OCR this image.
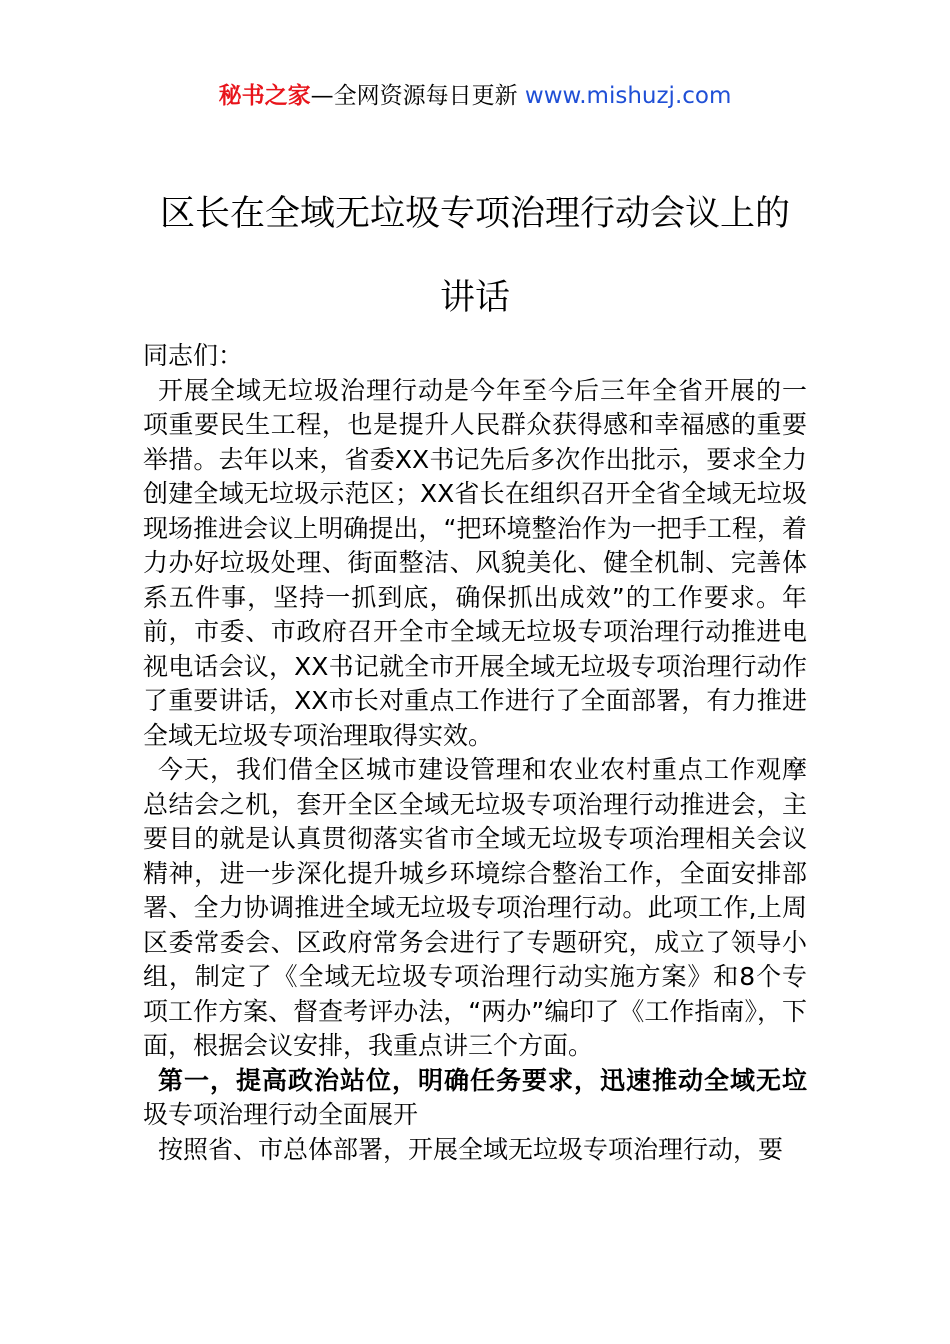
秘书之家—全网资源每日更新 www.mishuzj.com
区长在全域无垃圾专项治理行动会议上的
讲话

同志们：

开展全域无垃圾治理行动是今年至今后三年全省开展的一项重要民生工程，也是提升人民群众获得感和幸福感的重要举措。去年以来，省委XX书记先后多次作出批示，要求全力创建全域无垃圾示范区；XX省长在组织召开全省全域无垃圾现场推进会议上明确提出，“把环境整治作为一把手工程，着力办好垃圾处理、街面整洁、风貌美化、健全机制、完善体系五件事，坚持一抓到底，确保抓出成效”的工作要求。年前，市委、市政府召开全市全域无垃圾专项治理行动推进电视电话会议，XX书记就全市开展全域无垃圾专项治理行动作了重要讲话，XX市长对重点工作进行了全面部署，有力推进全域无垃圾专项治理取得实效。

今天，我们借全区城市建设管理和农业农村重点工作观摩总结会之机，套开全区全域无垃圾专项治理行动推进会，主要目的就是认真贯彻落实省市全域无垃圾专项治理相关会议精神，进一步深化提升城乡环境综合整治工作，全面安排部署、全力协调推进全域无垃圾专项治理行动。此项工作,上周区委常委会、区政府常务会进行了专题研究，成立了领导小组，制定了《全域无垃圾专项治理行动实施方案》和8个专项工作方案、督查考评办法，“两办”编印了《工作指南》，下面，根据会议安排，我重点讲三个方面。

第一，提高政治站位，明确任务要求，迅速推动全域无垃圾专项治理行动全面展开

按照省、市总体部署，开展全域无垃圾专项治理行动，要
